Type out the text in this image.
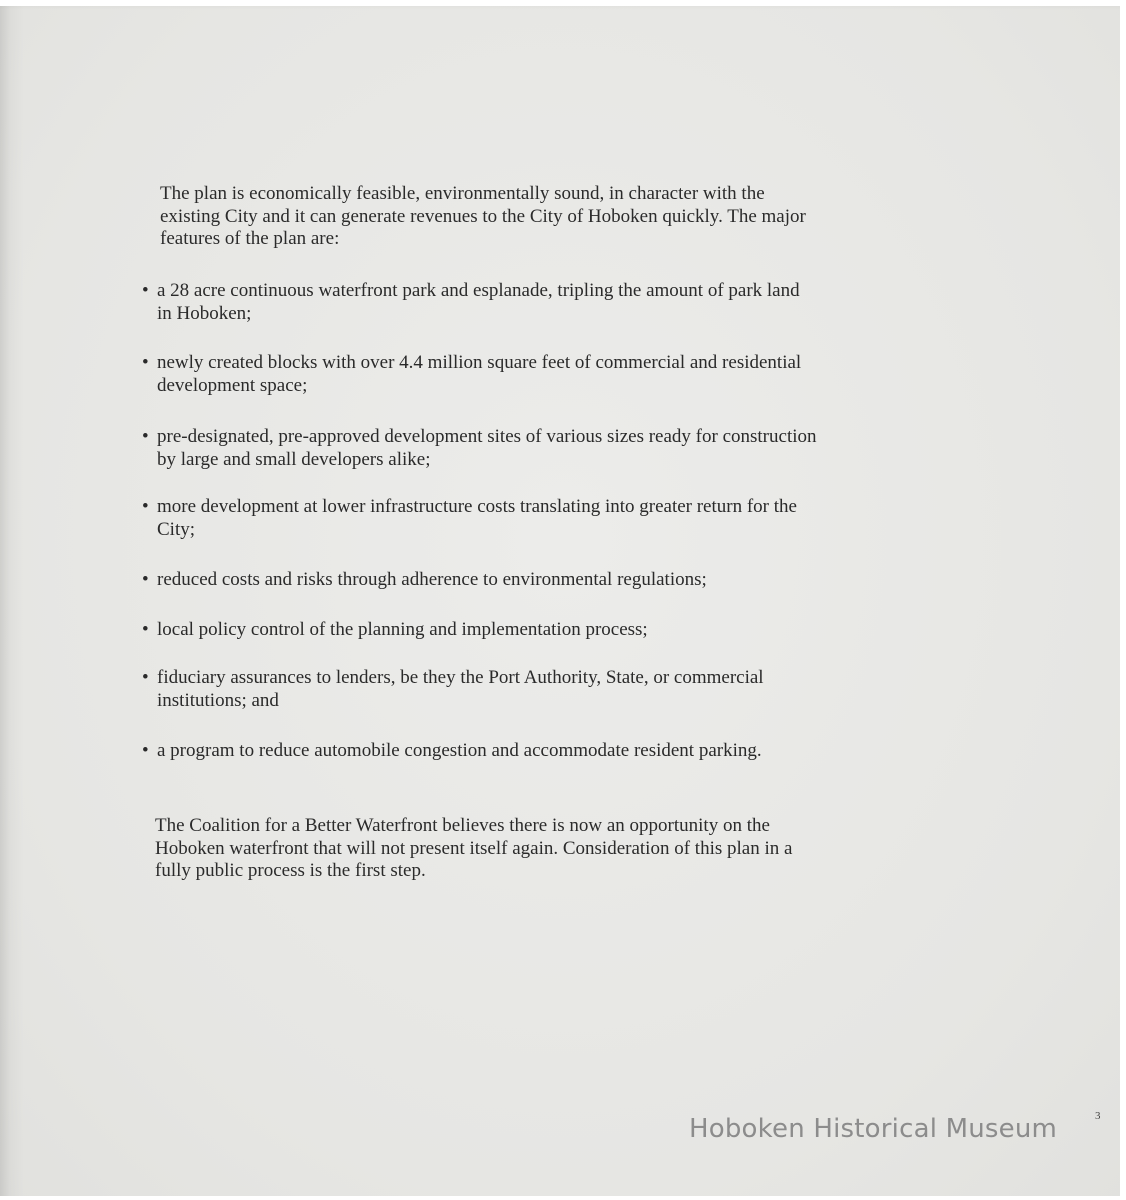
The plan is economically feasible, environmentally sound, in character with the existing City and it can generate revenues to the City of Hoboken quickly. The major features of the plan are:
• a 28 acre continuous waterfront park and esplanade, tripling the amount of park land in Hoboken;
• newly created blocks with over 4.4 million square feet of commercial and residential development space;
• pre-designated, pre-approved development sites of various sizes ready for construction by large and small developers alike;
• more development at lower infrastructure costs translating into greater return for the City;
• reduced costs and risks through adherence to environmental regulations;
• local policy control of the planning and implementation process;
• fiduciary assurances to lenders, be they the Port Authority, State, or commercial institutions; and
• a program to reduce automobile congestion and accommodate resident parking.
The Coalition for a Better Waterfront believes there is now an opportunity on the Hoboken waterfront that will not present itself again. Consideration of this plan in a fully public process is the first step.
Hoboken Historical Museum	3
